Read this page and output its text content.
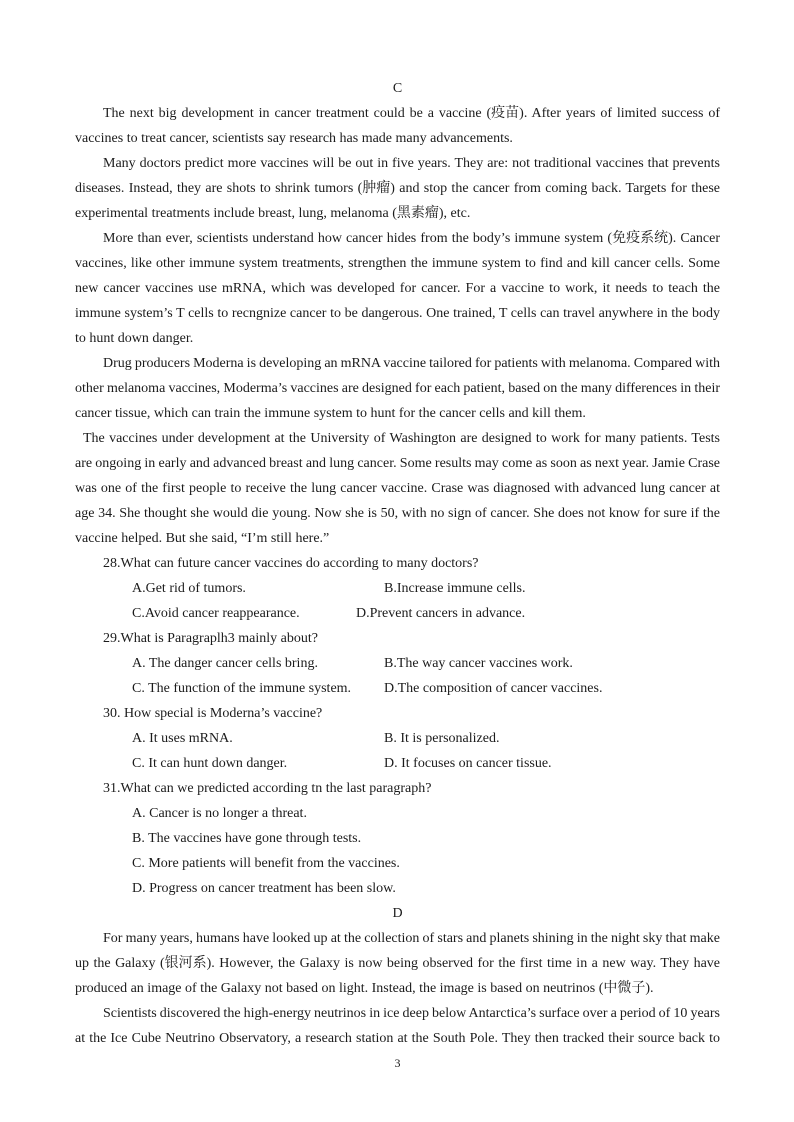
C
The next big development in cancer treatment could be a vaccine (疫苗). After years of limited success of
vaccines to treat cancer, scientists say research has made many advancements.
Many doctors predict more vaccines will be out in five years. They are: not traditional vaccines that prevents
diseases. Instead, they are shots to shrink tumors (肿瘤) and stop the cancer from coming back. Targets for these
experimental treatments include breast, lung, melanoma (黑素瘤), etc.
More than ever, scientists understand how cancer hides from the body’s immune system (免疫系统). Cancer
vaccines, like other immune system treatments, strengthen the immune system to find and kill cancer cells. Some
new cancer vaccines use mRNA, which was developed for cancer. For a vaccine to work, it needs to teach the
immune system’s T cells to recngnize cancer to be dangerous. One trained, T cells can travel anywhere in the body
to hunt down danger.
Drug producers Moderna is developing an mRNA vaccine tailored for patients with melanoma. Compared with
other melanoma vaccines, Moderma’s vaccines are designed for each patient, based on the many differences in their
cancer tissue, which can train the immune system to hunt for the cancer cells and kill them.
The vaccines under development at the University of Washington are designed to work for many patients. Tests
are ongoing in early and advanced breast and lung cancer. Some results may come as soon as next year. Jamie Crase
was one of the first people to receive the lung cancer vaccine. Crase was diagnosed with advanced lung cancer at
age 34. She thought she would die young. Now she is 50, with no sign of cancer. She does not know for sure if the
vaccine helped. But she said, “I’m still here.”
28.What can future cancer vaccines do according to many doctors?
A.Get rid of tumors.	B.Increase immune cells.
C.Avoid cancer reappearance.	D.Prevent cancers in advance.
29.What is Paragraplh3 mainly about?
A. The danger cancer cells bring.	B.The way cancer vaccines work.
C. The function of the immune system. D.The composition of cancer vaccines.
30. How special is Moderna’s vaccine?
A. It uses mRNA.	B. It is personalized.
C. It can hunt down danger.	D. It focuses on cancer tissue.
31.What can we predicted according tn the last paragraph?
A. Cancer is no longer a threat.
B. The vaccines have gone through tests.
C. More patients will benefit from the vaccines.
D. Progress on cancer treatment has been slow.
D
For many years, humans have looked up at the collection of stars and planets shining in the night sky that make
up the Galaxy (银河系). However, the Galaxy is now being observed for the first time in a new way. They have
produced an image of the Galaxy not based on light. Instead, the image is based on neutrinos (中微子).
Scientists discovered the high-energy neutrinos in ice deep below Antarctica’s surface over a period of 10 years
at the Ice Cube Neutrino Observatory, a research station at the South Pole. They then tracked their source back to
3
